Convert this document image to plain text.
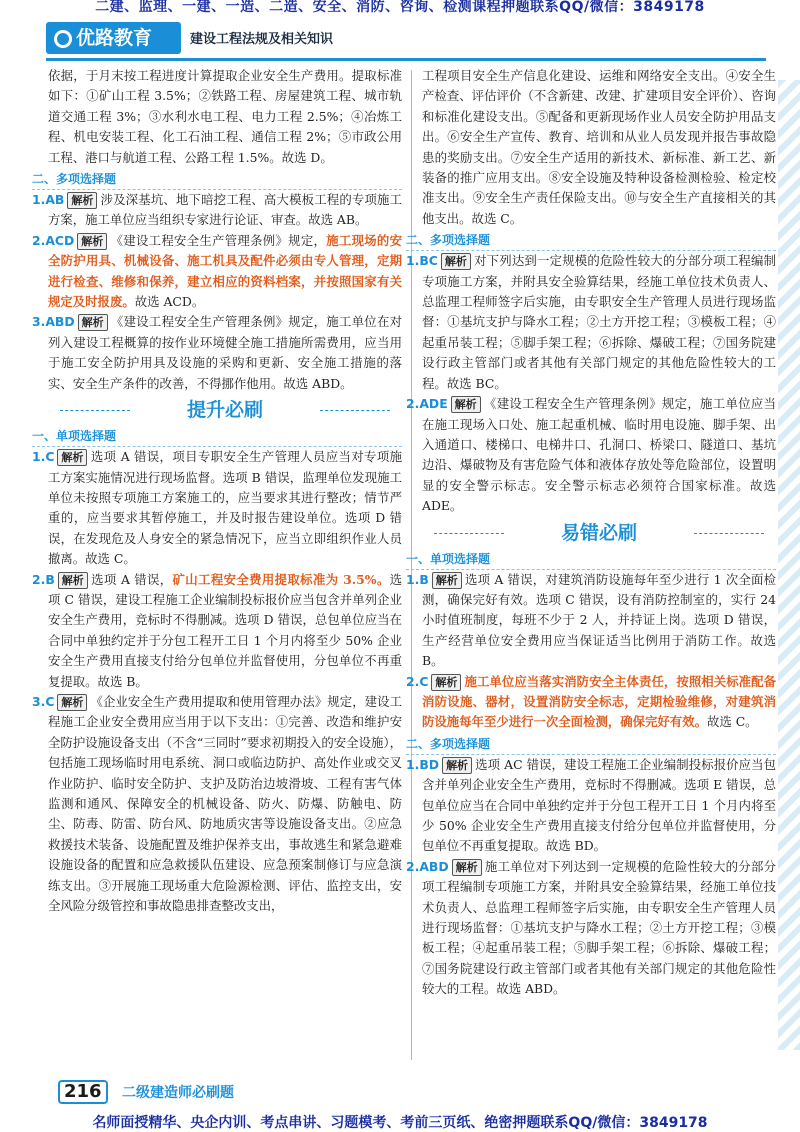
二建、监理、一建、一造、二造、安全、消防、咨询、检测课程押题联系QQ/微信：3849178
优路教育	建设工程法规及相关知识

依据，于月末按工程进度计算提取企业安全生产费用。提取标准如下：①矿山工程 3.5%；②铁路工程、房屋建筑工程、城市轨道交通工程 3%；③水利水电工程、电力工程 2.5%；④冶炼工程、机电安装工程、化工石油工程、通信工程 2%；⑤市政公用工程、港口与航道工程、公路工程 1.5%。故选 D。

二、多项选择题

1.AB 解析 涉及深基坑、地下暗挖工程、高大模板工程的专项施工方案，施工单位应当组织专家进行论证、审查。故选 AB。

2.ACD 解析 《建设工程安全生产管理条例》规定，施工现场的安全防护用具、机械设备、施工机具及配件必须由专人管理，定期进行检查、维修和保养，建立相应的资料档案，并按照国家有关规定及时报废。故选 ACD。

3.ABD 解析 《建设工程安全生产管理条例》规定，施工单位在对列入建设工程概算的按作业环境健全施工措施所需费用，应当用于施工安全防护用具及设施的采购和更新、安全施工措施的落实、安全生产条件的改善，不得挪作他用。故选 ABD。

提升必刷
一、单项选择题

1.C 解析 选项 A 错误，项目专职安全生产管理人员应当对专项施工方案实施情况进行现场监督。选项 B 错误，监理单位发现施工单位未按照专项施工方案施工的，应当要求其进行整改；情节严重的，应当要求其暂停施工，并及时报告建设单位。选项 D 错误，在发现危及人身安全的紧急情况下，应当立即组织作业人员撤离。故选 C。

2.B 解析 选项 A 错误，矿山工程安全费用提取标准为 3.5%。选项 C 错误，建设工程施工企业编制投标报价应当包含并单列企业安全生产费用，竞标时不得删减。选项 D 错误，总包单位应当在合同中单独约定并于分包工程开工日 1 个月内将至少 50% 企业安全生产费用直接支付给分包单位并监督使用，分包单位不再重复提取。故选 B。

3.C 解析 《企业安全生产费用提取和使用管理办法》规定，建设工程施工企业安全费用应当用于以下支出：①完善、改造和维护安全防护设施设备支出（不含“三同时”要求初期投入的安全设施），包括施工现场临时用电系统、洞口或临边防护、高处作业或交叉作业防护、临时安全防护、支护及防治边坡滑坡、工程有害气体监测和通风、保障安全的机械设备、防火、防爆、防触电、防尘、防毒、防雷、防台风、防地质灾害等设施设备支出。②应急救援技术装备、设施配置及维护保养支出，事故逃生和紧急避难设施设备的配置和应急救援队伍建设、应急预案制修订与应急演练支出。③开展施工现场重大危险源检测、评估、监控支出，安全风险分级管控和事故隐患排查整改支出，

工程项目安全生产信息化建设、运维和网络安全支出。④安全生产检查、评估评价（不含新建、改建、扩建项目安全评价）、咨询和标准化建设支出。⑤配备和更新现场作业人员安全防护用品支出。⑥安全生产宣传、教育、培训和从业人员发现并报告事故隐患的奖励支出。⑦安全生产适用的新技术、新标准、新工艺、新装备的推广应用支出。⑧安全设施及特种设备检测检验、检定校准支出。⑨安全生产责任保险支出。⑩与安全生产直接相关的其他支出。故选 C。

二、多项选择题

1.BC 解析 对下列达到一定规模的危险性较大的分部分项工程编制专项施工方案，并附具安全验算结果，经施工单位技术负责人、总监理工程师签字后实施，由专职安全生产管理人员进行现场监督：①基坑支护与降水工程；②土方开挖工程；③模板工程；④起重吊装工程；⑤脚手架工程；⑥拆除、爆破工程；⑦国务院建设行政主管部门或者其他有关部门规定的其他危险性较大的工程。故选 BC。

2.ADE 解析 《建设工程安全生产管理条例》规定，施工单位应当在施工现场入口处、施工起重机械、临时用电设施、脚手架、出入通道口、楼梯口、电梯井口、孔洞口、桥梁口、隧道口、基坑边沿、爆破物及有害危险气体和液体存放处等危险部位，设置明显的安全警示标志。安全警示标志必须符合国家标准。故选 ADE。

易错必刷
一、单项选择题

1.B 解析 选项 A 错误，对建筑消防设施每年至少进行 1 次全面检测，确保完好有效。选项 C 错误，设有消防控制室的，实行 24 小时值班制度，每班不少于 2 人，并持证上岗。选项 D 错误，生产经营单位安全费用应当保证适当比例用于消防工作。故选 B。

2.C 解析 施工单位应当落实消防安全主体责任，按照相关标准配备消防设施、器材，设置消防安全标志，定期检验维修，对建筑消防设施每年至少进行一次全面检测，确保完好有效。故选 C。

二、多项选择题

1.BD 解析 选项 AC 错误，建设工程施工企业编制投标报价应当包含并单列企业安全生产费用，竞标时不得删减。选项 E 错误，总包单位应当在合同中单独约定并于分包工程开工日 1 个月内将至少 50% 企业安全生产费用直接支付给分包单位并监督使用，分包单位不再重复提取。故选 BD。

2.ABD 解析 施工单位对下列达到一定规模的危险性较大的分部分项工程编制专项施工方案，并附具安全验算结果，经施工单位技术负责人、总监理工程师签字后实施，由专职安全生产管理人员进行现场监督：①基坑支护与降水工程；②土方开挖工程；③模板工程；④起重吊装工程；⑤脚手架工程；⑥拆除、爆破工程；⑦国务院建设行政主管部门或者其他有关部门规定的其他危险性较大的工程。故选 ABD。

216	二级建造师必刷题
名师面授精华、央企内训、考点串讲、习题模考、考前三页纸、绝密押题联系QQ/微信：3849178
